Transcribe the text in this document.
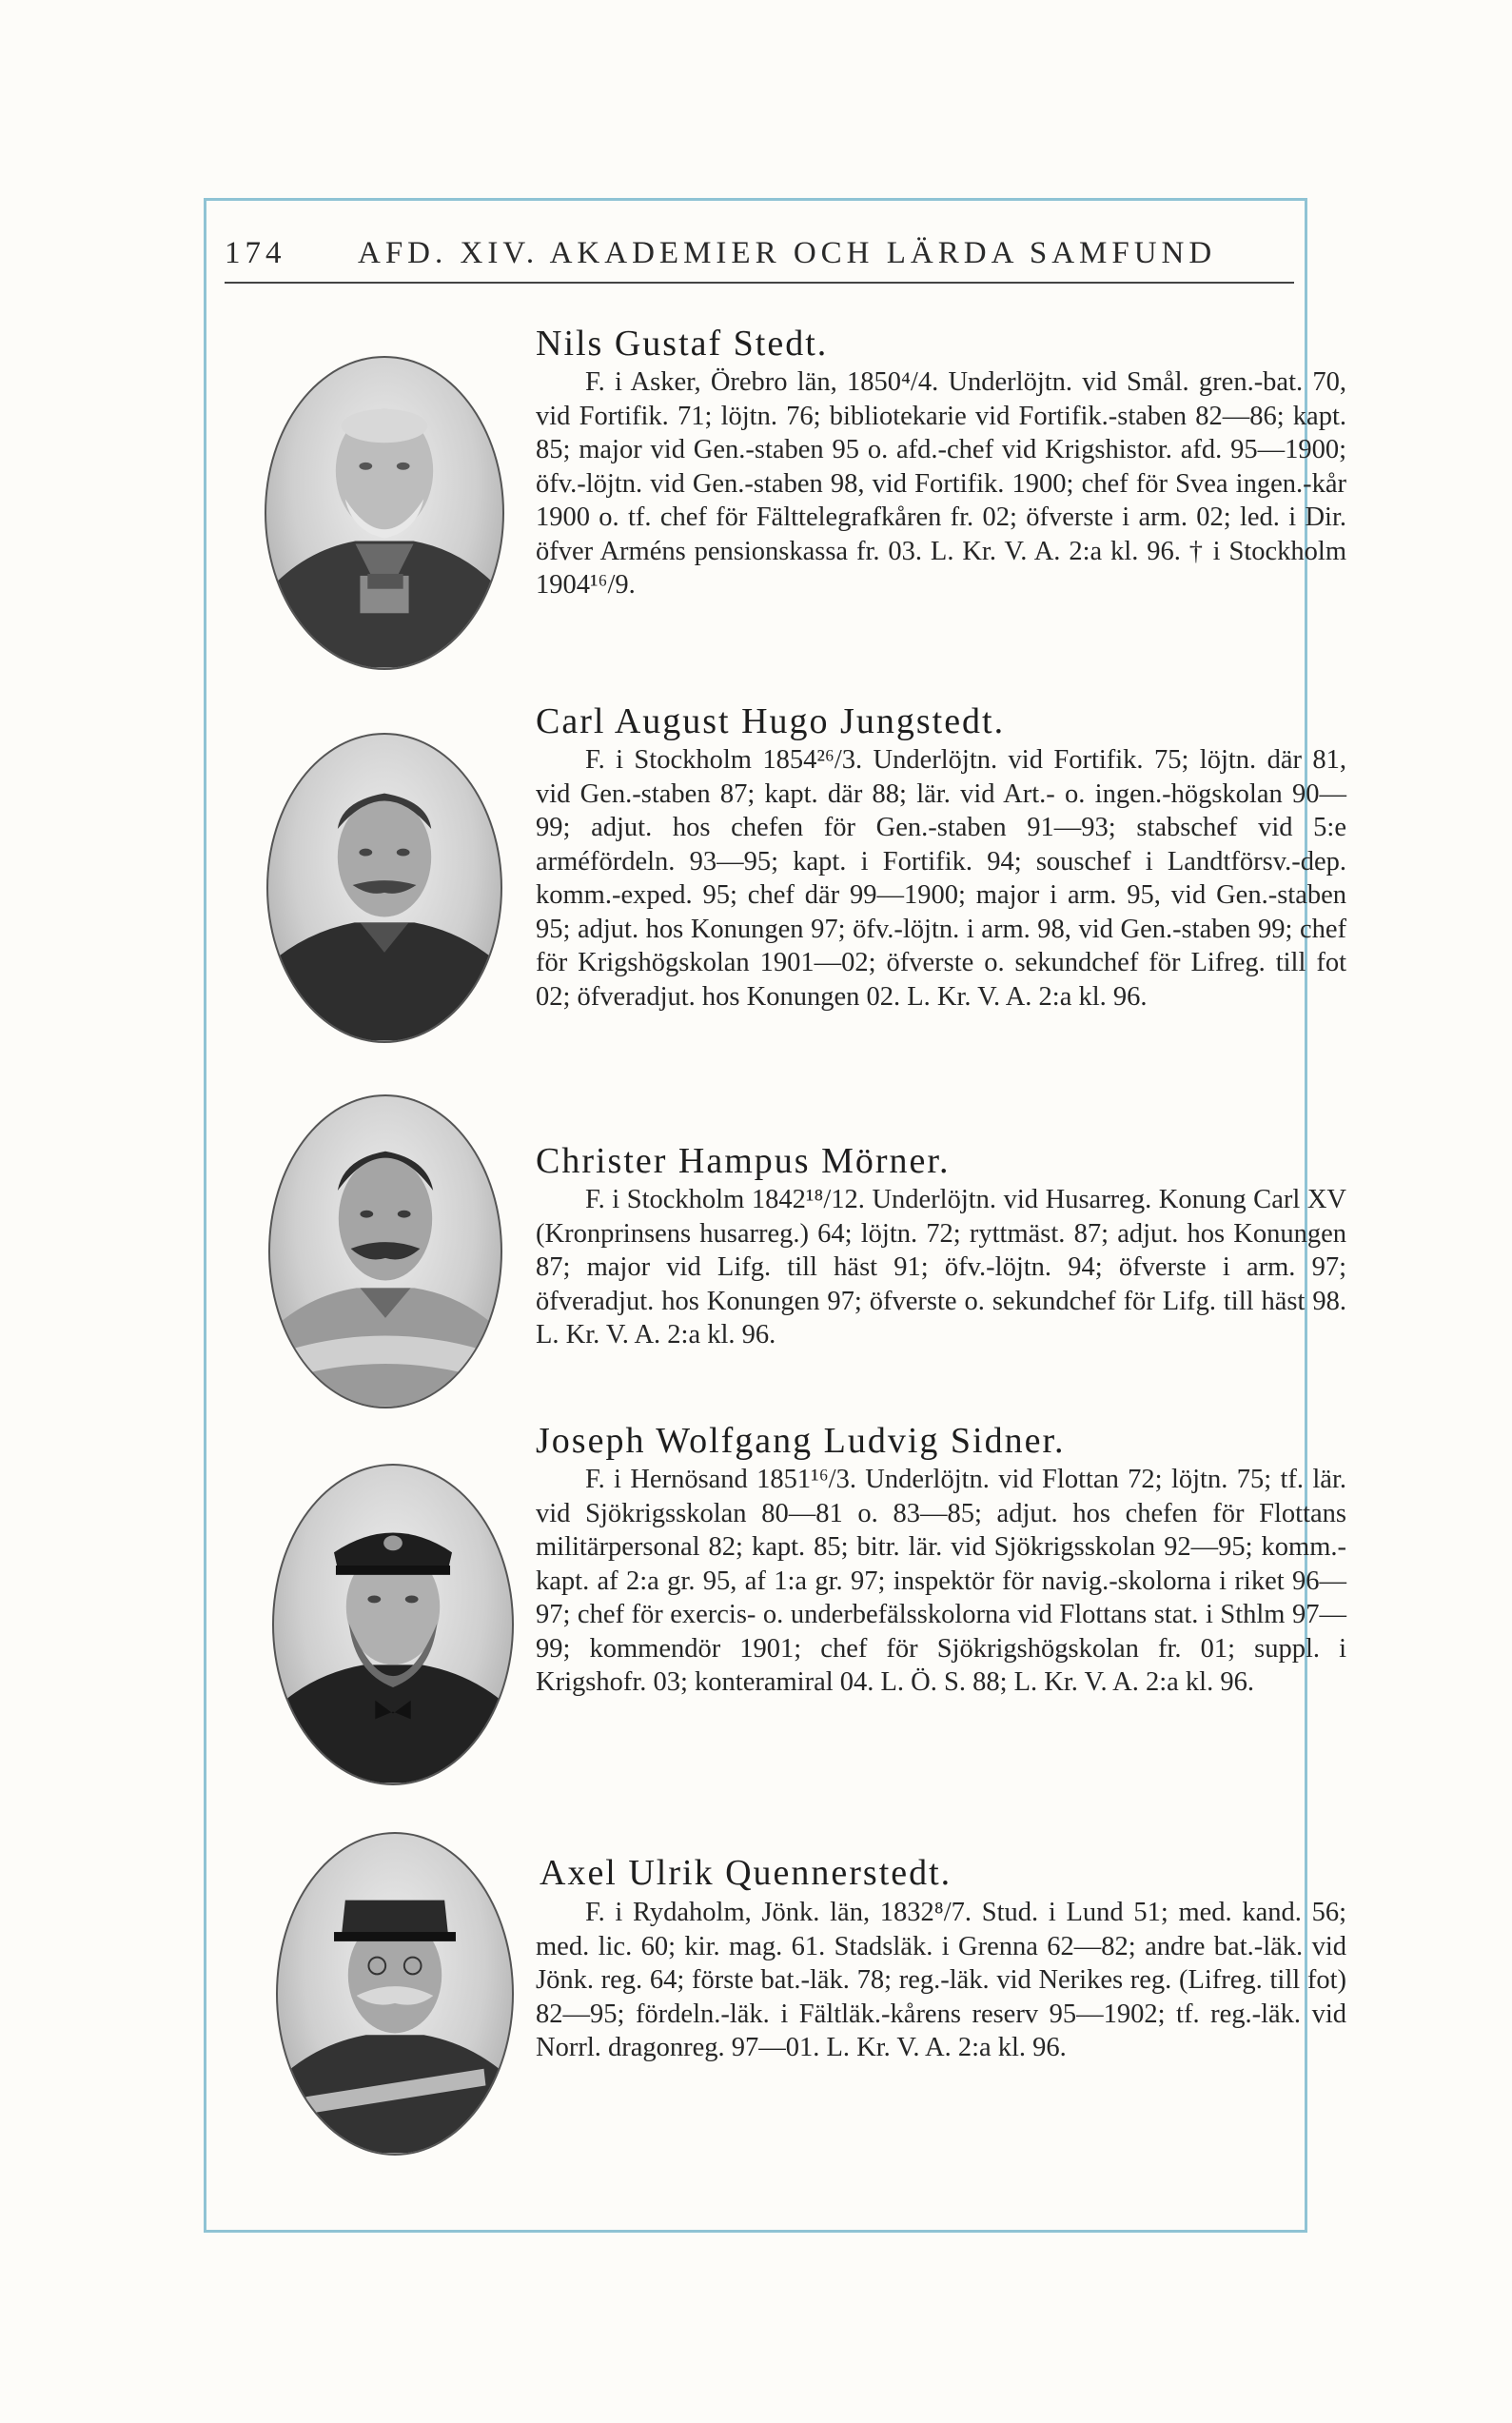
174 AFD. XIV. AKADEMIER OCH LÄRDA SAMFUND
Nils Gustaf Stedt.

F. i Asker, Örebro län, 1850⁴/4. Underlöjtn. vid Smål. gren.-bat. 70, vid Fortifik. 71; löjtn. 76; bibliotekarie vid Fortifik.-staben 82—86; kapt. 85; major vid Gen.-staben 95 o. afd.-chef vid Krigshistor. afd. 95—1900; öfv.-löjtn. vid Gen.-staben 98, vid Fortifik. 1900; chef för Svea ingen.-kår 1900 o. tf. chef för Fälttelegrafkåren fr. 02; öfverste i arm. 02; led. i Dir. öfver Arméns pensionskassa fr. 03. L. Kr. V. A. 2:a kl. 96. † i Stockholm 1904¹⁶/9.

Carl August Hugo Jungstedt.

F. i Stockholm 1854²⁶/3. Underlöjtn. vid Fortifik. 75; löjtn. där 81, vid Gen.-staben 87; kapt. där 88; lär. vid Art.- o. ingen.-högskolan 90—99; adjut. hos chefen för Gen.-staben 91—93; stabschef vid 5:e arméfördeln. 93—95; kapt. i Fortifik. 94; souschef i Landtförsv.-dep. komm.-exped. 95; chef där 99—1900; major i arm. 95, vid Gen.-staben 95; adjut. hos Konungen 97; öfv.-löjtn. i arm. 98, vid Gen.-staben 99; chef för Krigshögskolan 1901—02; öfverste o. sekundchef för Lifreg. till fot 02; öfveradjut. hos Konungen 02. L. Kr. V. A. 2:a kl. 96.

Christer Hampus Mörner.

F. i Stockholm 1842¹⁸/12. Underlöjtn. vid Husarreg. Konung Carl XV (Kronprinsens husarreg.) 64; löjtn. 72; ryttmäst. 87; adjut. hos Konungen 87; major vid Lifg. till häst 91; öfv.-löjtn. 94; öfverste i arm. 97; öfveradjut. hos Konungen 97; öfverste o. sekundchef för Lifg. till häst 98. L. Kr. V. A. 2:a kl. 96.

Joseph Wolfgang Ludvig Sidner.

F. i Hernösand 1851¹⁶/3. Underlöjtn. vid Flottan 72; löjtn. 75; tf. lär. vid Sjökrigsskolan 80—81 o. 83—85; adjut. hos chefen för Flottans militärpersonal 82; kapt. 85; bitr. lär. vid Sjökrigsskolan 92—95; komm.-kapt. af 2:a gr. 95, af 1:a gr. 97; inspektör för navig.-skolorna i riket 96—97; chef för exercis- o. underbefälsskolorna vid Flottans stat. i Sthlm 97—99; kommendör 1901; chef för Sjökrigshögskolan fr. 01; suppl. i Krigshofr. 03; konteramiral 04. L. Ö. S. 88; L. Kr. V. A. 2:a kl. 96.

Axel Ulrik Quennerstedt.

F. i Rydaholm, Jönk. län, 1832⁸/7. Stud. i Lund 51; med. kand. 56; med. lic. 60; kir. mag. 61. Stadsläk. i Grenna 62—82; andre bat.-läk. vid Jönk. reg. 64; förste bat.-läk. 78; reg.-läk. vid Nerikes reg. (Lifreg. till fot) 82—95; fördeln.-läk. i Fältläk.-kårens reserv 95—1902; tf. reg.-läk. vid Norrl. dragonreg. 97—01. L. Kr. V. A. 2:a kl. 96.
